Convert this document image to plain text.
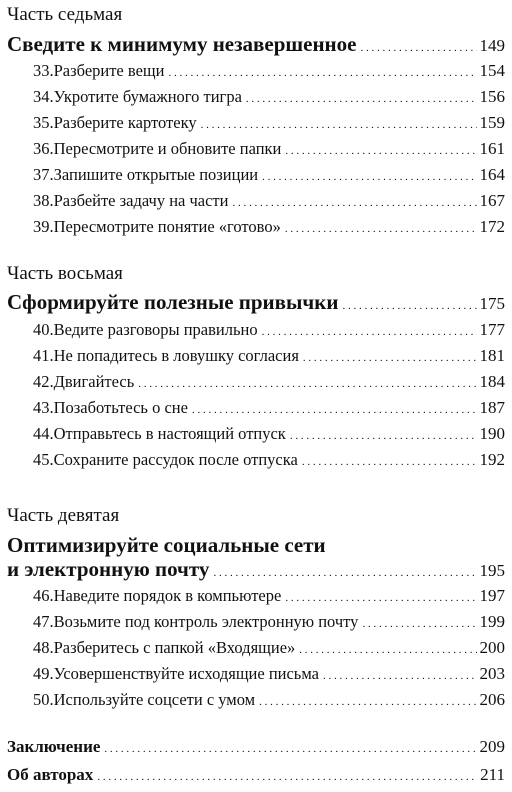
Часть седьмая
Сведите к минимуму незавершенное . . .	149
33. Разберите вещи . . .	154
34. Укротите бумажного тигра . . .	156
35. Разберите картотеку . . .	159
36. Пересмотрите и обновите папки . . .	161
37. Запишите открытые позиции . . .	164
38. Разбейте задачу на части . . .	167
39. Пересмотрите понятие «готово» . . .	172
Часть восьмая
Сформируйте полезные привычки . . .	175
40. Ведите разговоры правильно . . .	177
41. Не попадитесь в ловушку согласия . . .	181
42. Двигайтесь . . .	184
43. Позаботьтесь о сне . . .	187
44. Отправьтесь в настоящий отпуск . . .	190
45. Сохраните рассудок после отпуска . . .	192
Часть девятая
Оптимизируйте социальные сети
и электронную почту . . .	195
46. Наведите порядок в компьютере . . .	197
47. Возьмите под контроль электронную почту . . .	199
48. Разберитесь с папкой «Входящие» . . .	200
49. Усовершенствуйте исходящие письма . . .	203
50. Используйте соцсети с умом . . .	206
Заключение . . .	209
Об авторах . . .	211
